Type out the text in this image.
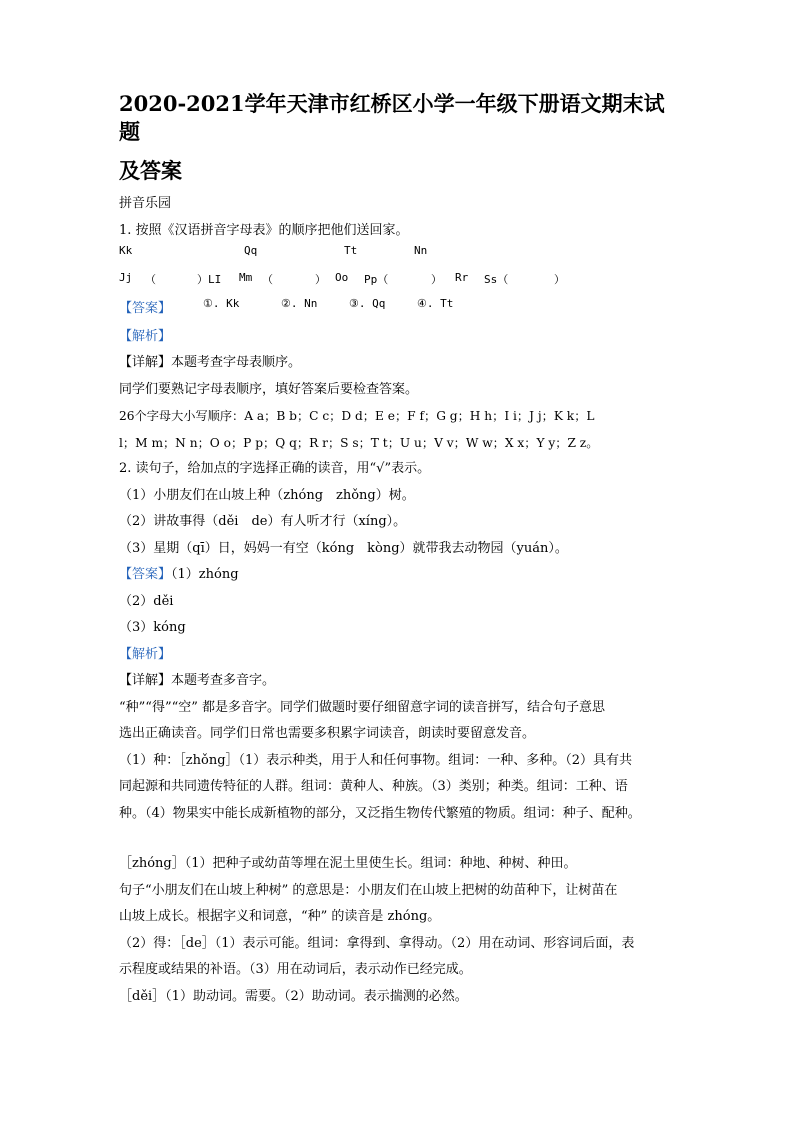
2020-2021学年天津市红桥区小学一年级下册语文期末试题
及答案
拼音乐园
1. 按照《汉语拼音字母表》的顺序把他们送回家。
Kk	Qq	Tt	Nn
Jj （	）LI Mm （	） Oo Pp（	） Rr Ss（	）
【答案】	①. Kk	②. Nn	③. Qq	④. Tt
【解析】
【详解】本题考查字母表顺序。
同学们要熟记字母表顺序，填好答案后要检查答案。
26个字母大小写顺序：A a；B b；C c；D d；E e；F f；G g；H h；I i；J j；K k；L
l；M m；N n；O o；P p；Q q；R r；S s；T t；U u；V v；W w；X x；Y y；Z z。
2. 读句子，给加点的字选择正确的读音，用“√”表示。
（1）小朋友们在山坡上种（zhóng　zhǒng）树。
（2）讲故事得（děi　de）有人听才行（xíng）。
（3）星期（qī）日，妈妈一有空（kóng　kòng）就带我去动物园（yuán）。
【答案】（1）zhóng
（2）děi
（3）kóng
【解析】
【详解】本题考查多音字。
“种”“得”“空” 都是多音字。同学们做题时要仔细留意字词的读音拼写，结合句子意思
选出正确读音。同学们日常也需要多积累字词读音，朗读时要留意发音。
（1）种：［zhǒng］（1）表示种类，用于人和任何事物。组词：一种、多种。（2）具有共
同起源和共同遗传特征的人群。组词：黄种人、种族。（3）类别；种类。组词：工种、语
种。（4）物果实中能长成新植物的部分，又泛指生物传代繁殖的物质。组词：种子、配种。
［zhóng］（1）把种子或幼苗等埋在泥土里使生长。组词：种地、种树、种田。
句子“小朋友们在山坡上种树” 的意思是：小朋友们在山坡上把树的幼苗种下，让树苗在
山坡上成长。根据字义和词意，“种” 的读音是 zhóng。
（2）得：［de］（1）表示可能。组词：拿得到、拿得动。（2）用在动词、形容词后面，表
示程度或结果的补语。（3）用在动词后，表示动作已经完成。
［děi］（1）助动词。需要。（2）助动词。表示揣测的必然。
